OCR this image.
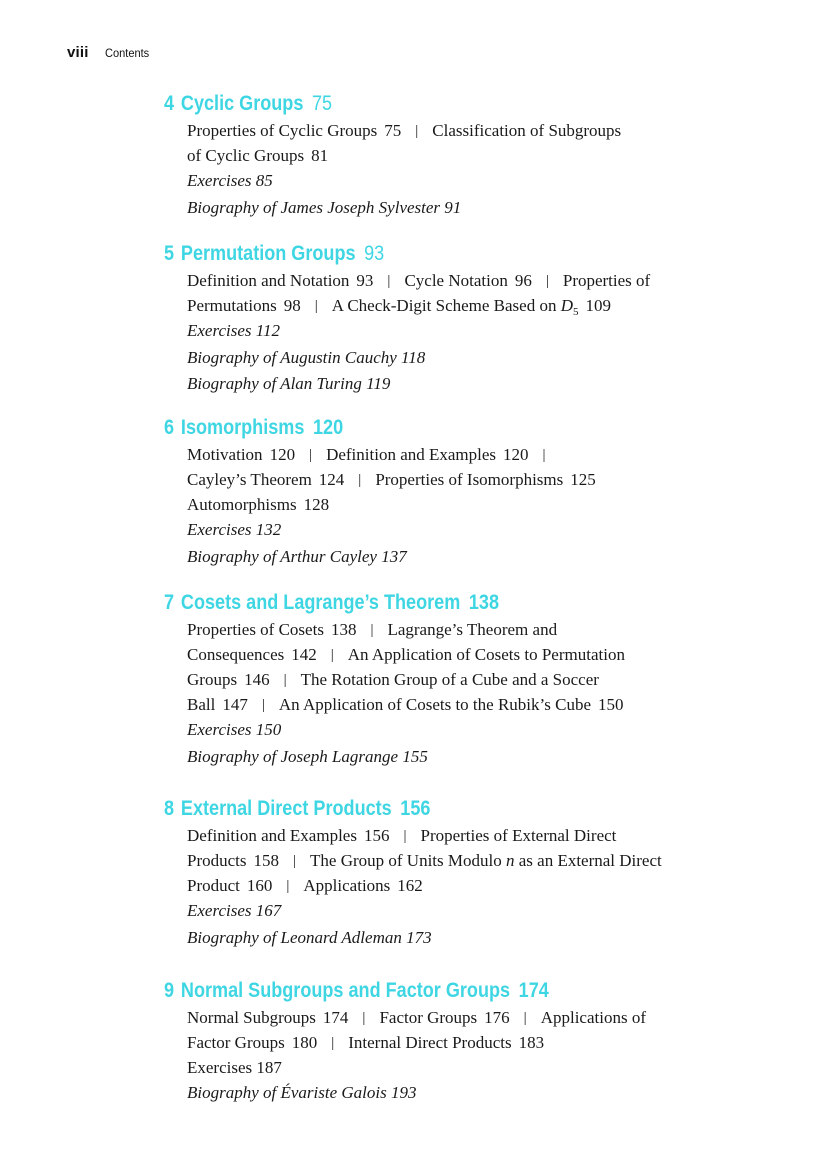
viii Contents
4 Cyclic Groups 75
Properties of Cyclic Groups 75 | Classification of Subgroups
of Cyclic Groups 81
Exercises 85
Biography of James Joseph Sylvester 91
5 Permutation Groups 93
Definition and Notation 93 | Cycle Notation 96 | Properties of
Permutations 98 | A Check-Digit Scheme Based on $D_5$ 109
Exercises 112
Biography of Augustin Cauchy 118
Biography of Alan Turing 119
6 Isomorphisms 120
Motivation 120 | Definition and Examples 120 |
Cayley’s Theorem 124 | Properties of Isomorphisms 125
Automorphisms 128
Exercises 132
Biography of Arthur Cayley 137
7 Cosets and Lagrange’s Theorem 138
Properties of Cosets 138 | Lagrange’s Theorem and
Consequences 142 | An Application of Cosets to Permutation
Groups 146 | The Rotation Group of a Cube and a Soccer
Ball 147 | An Application of Cosets to the Rubik’s Cube 150
Exercises 150
Biography of Joseph Lagrange 155
8 External Direct Products 156
Definition and Examples 156 | Properties of External Direct
Products 158 | The Group of Units Modulo n as an External Direct
Product 160 | Applications 162
Exercises 167
Biography of Leonard Adleman 173
9 Normal Subgroups and Factor Groups 174
Normal Subgroups 174 | Factor Groups 176 | Applications of
Factor Groups 180 | Internal Direct Products 183
Exercises 187
Biography of Évariste Galois 193
